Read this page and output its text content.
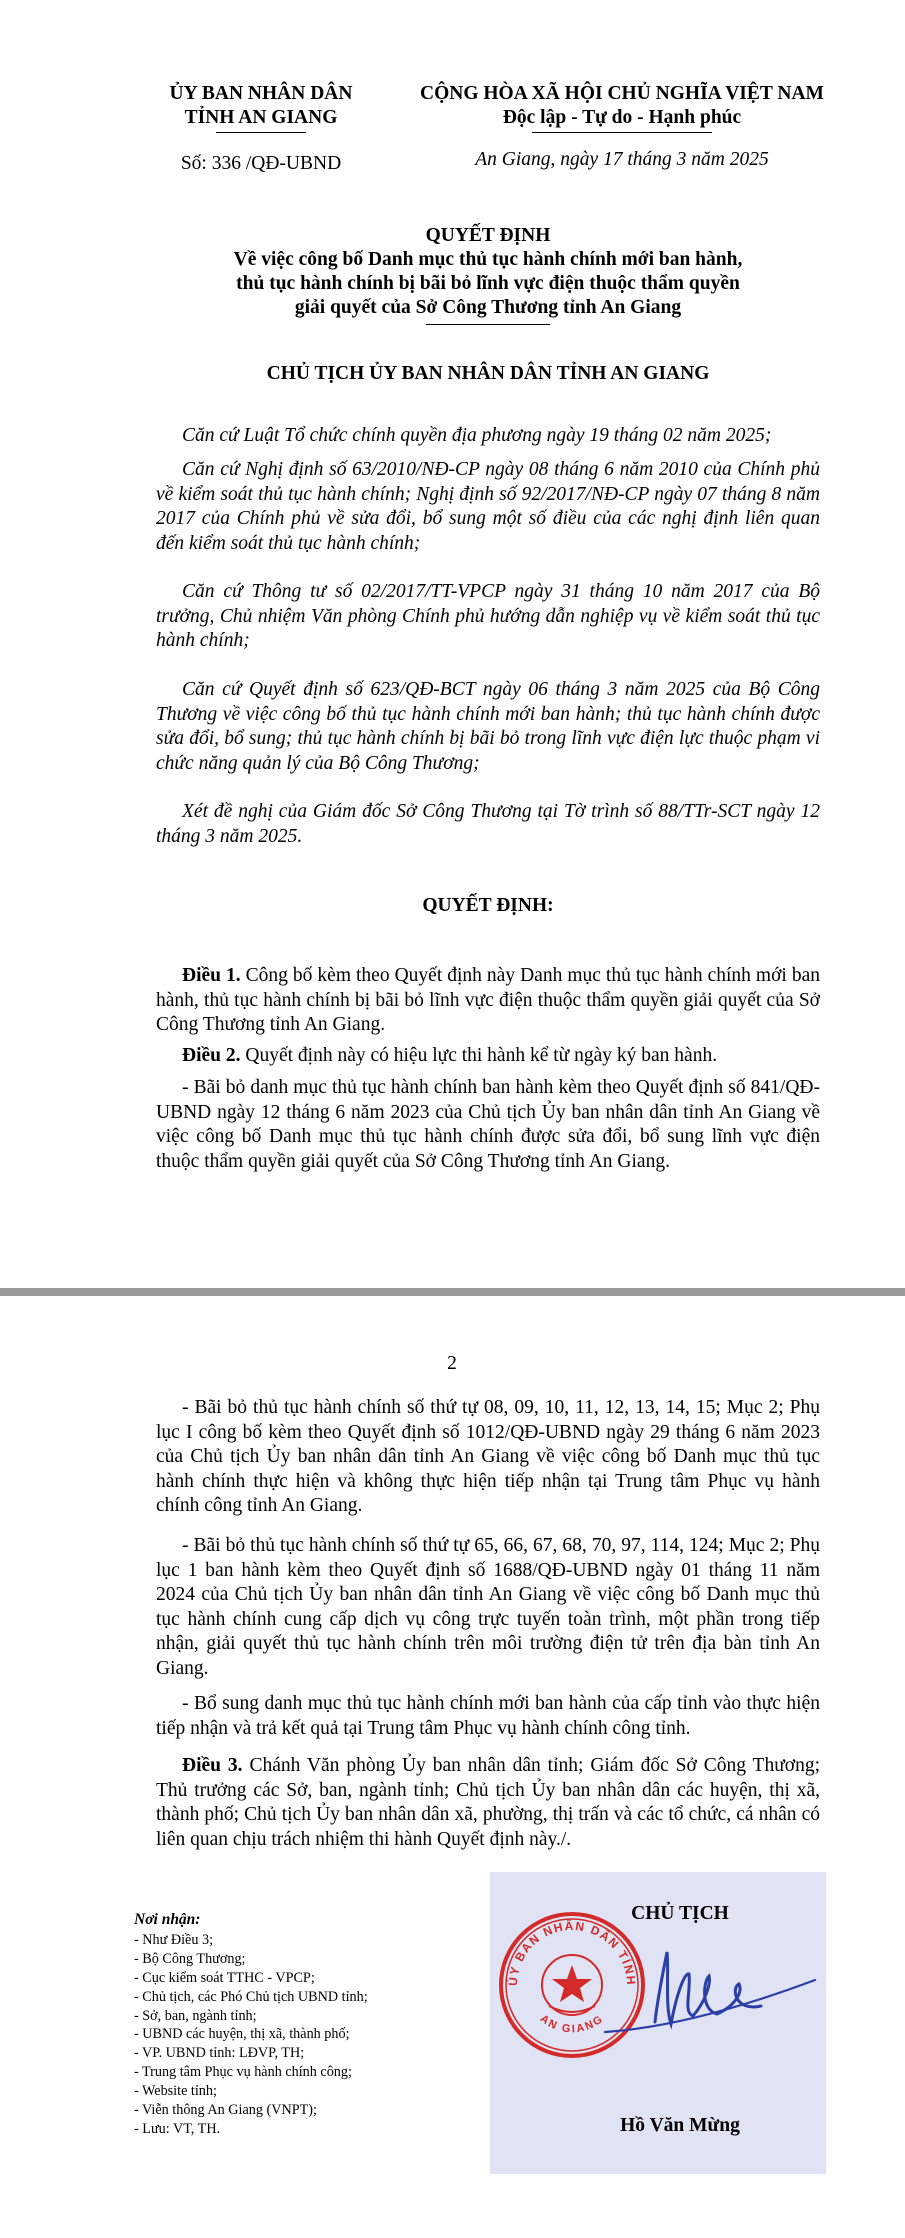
ỦY BAN NHÂN DÂN
TỈNH AN GIANG
Số: 336 /QĐ-UBND
CỘNG HÒA XÃ HỘI CHỦ NGHĨA VIỆT NAM
Độc lập - Tự do - Hạnh phúc
An Giang, ngày 17 tháng 3 năm 2025
QUYẾT ĐỊNH
Về việc công bố Danh mục thủ tục hành chính mới ban hành,
thủ tục hành chính bị bãi bỏ lĩnh vực điện thuộc thẩm quyền
giải quyết của Sở Công Thương tỉnh An Giang
CHỦ TỊCH ỦY BAN NHÂN DÂN TỈNH AN GIANG

Căn cứ Luật Tổ chức chính quyền địa phương ngày 19 tháng 02 năm 2025;

Căn cứ Nghị định số 63/2010/NĐ-CP ngày 08 tháng 6 năm 2010 của Chính phủ về kiểm soát thủ tục hành chính; Nghị định số 92/2017/NĐ-CP ngày 07 tháng 8 năm 2017 của Chính phủ về sửa đổi, bổ sung một số điều của các nghị định liên quan đến kiểm soát thủ tục hành chính;

Căn cứ Thông tư số 02/2017/TT-VPCP ngày 31 tháng 10 năm 2017 của Bộ trưởng, Chủ nhiệm Văn phòng Chính phủ hướng dẫn nghiệp vụ về kiểm soát thủ tục hành chính;

Căn cứ Quyết định số 623/QĐ-BCT ngày 06 tháng 3 năm 2025 của Bộ Công Thương về việc công bố thủ tục hành chính mới ban hành; thủ tục hành chính được sửa đổi, bổ sung; thủ tục hành chính bị bãi bỏ trong lĩnh vực điện lực thuộc phạm vi chức năng quản lý của Bộ Công Thương;

Xét đề nghị của Giám đốc Sở Công Thương tại Tờ trình số 88/TTr-SCT ngày 12 tháng 3 năm 2025.

QUYẾT ĐỊNH:

Điều 1. Công bố kèm theo Quyết định này Danh mục thủ tục hành chính mới ban hành, thủ tục hành chính bị bãi bỏ lĩnh vực điện thuộc thẩm quyền giải quyết của Sở Công Thương tỉnh An Giang.

Điều 2. Quyết định này có hiệu lực thi hành kể từ ngày ký ban hành.

- Bãi bỏ danh mục thủ tục hành chính ban hành kèm theo Quyết định số 841/QĐ-UBND ngày 12 tháng 6 năm 2023 của Chủ tịch Ủy ban nhân dân tỉnh An Giang về việc công bố Danh mục thủ tục hành chính được sửa đổi, bổ sung lĩnh vực điện thuộc thẩm quyền giải quyết của Sở Công Thương tỉnh An Giang.

2

- Bãi bỏ thủ tục hành chính số thứ tự 08, 09, 10, 11, 12, 13, 14, 15; Mục 2; Phụ lục I công bố kèm theo Quyết định số 1012/QĐ-UBND ngày 29 tháng 6 năm 2023 của Chủ tịch Ủy ban nhân dân tỉnh An Giang về việc công bố Danh mục thủ tục hành chính thực hiện và không thực hiện tiếp nhận tại Trung tâm Phục vụ hành chính công tỉnh An Giang.

- Bãi bỏ thủ tục hành chính số thứ tự 65, 66, 67, 68, 70, 97, 114, 124; Mục 2; Phụ lục 1 ban hành kèm theo Quyết định số 1688/QĐ-UBND ngày 01 tháng 11 năm 2024 của Chủ tịch Ủy ban nhân dân tỉnh An Giang về việc công bố Danh mục thủ tục hành chính cung cấp dịch vụ công trực tuyến toàn trình, một phần trong tiếp nhận, giải quyết thủ tục hành chính trên môi trường điện tử trên địa bàn tỉnh An Giang.

- Bổ sung danh mục thủ tục hành chính mới ban hành của cấp tỉnh vào thực hiện tiếp nhận và trả kết quả tại Trung tâm Phục vụ hành chính công tỉnh.

Điều 3. Chánh Văn phòng Ủy ban nhân dân tỉnh; Giám đốc Sở Công Thương; Thủ trưởng các Sở, ban, ngành tỉnh; Chủ tịch Ủy ban nhân dân các huyện, thị xã, thành phố; Chủ tịch Ủy ban nhân dân xã, phường, thị trấn và các tổ chức, cá nhân có liên quan chịu trách nhiệm thi hành Quyết định này./.

Nơi nhận:
- Như Điều 3;
- Bộ Công Thương;
- Cục kiểm soát TTHC - VPCP;
- Chủ tịch, các Phó Chủ tịch UBND tỉnh;
- Sở, ban, ngành tỉnh;
- UBND các huyện, thị xã, thành phố;
- VP. UBND tỉnh: LĐVP, TH;
- Trung tâm Phục vụ hành chính công;
- Website tỉnh;
- Viễn thông An Giang (VNPT);
- Lưu: VT, TH.
CHỦ TỊCH
ỦY BAN NHÂN DÂN TỈNH
AN GIANG
Hồ Văn Mừng
